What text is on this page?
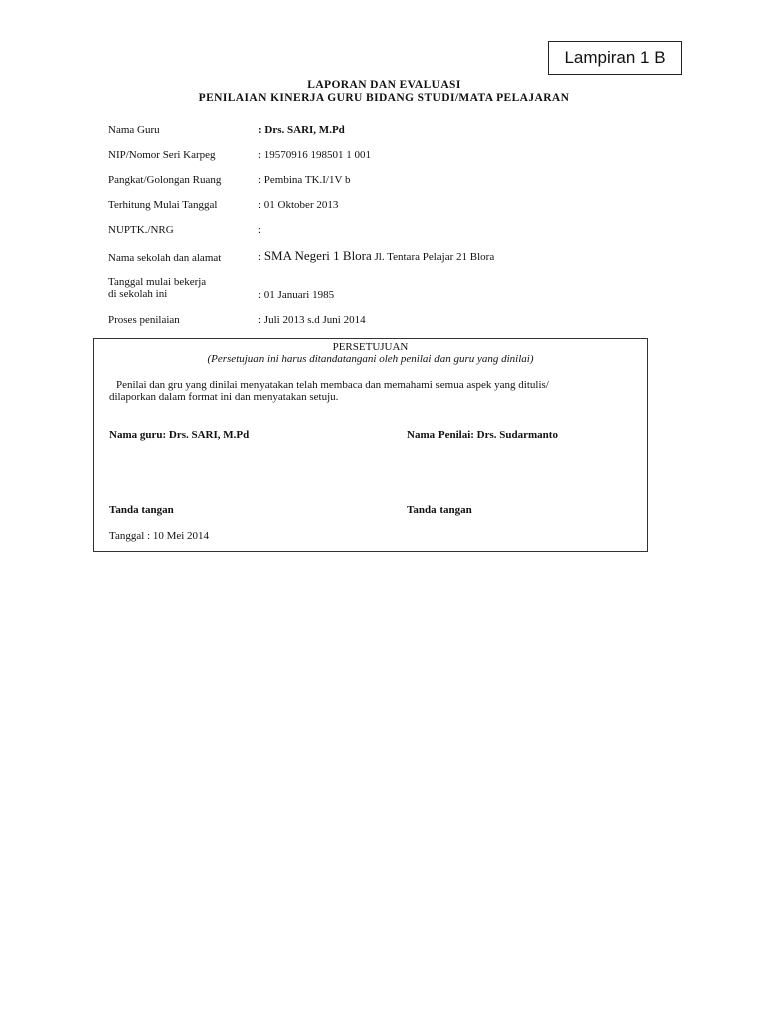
Lampiran 1 B
LAPORAN DAN EVALUASI
PENILAIAN KINERJA GURU BIDANG STUDI/MATA PELAJARAN
Nama Guru	: Drs. SARI, M.Pd
NIP/Nomor Seri Karpeg	: 19570916 198501 1 001
Pangkat/Golongan Ruang	: Pembina TK.I/1V b
Terhitung Mulai Tanggal	: 01 Oktober 2013
NUPTK./NRG	:
Nama sekolah dan alamat	: SMA Negeri 1 Blora Jl. Tentara Pelajar 21 Blora
Tanggal mulai bekerja
di sekolah ini	: 01 Januari 1985
Proses penilaian	: Juli 2013 s.d Juni 2014
PERSETUJUAN
(Persetujuan ini harus ditandatangani oleh penilai dan guru yang dinilai)
Penilai dan gru yang dinilai menyatakan telah membaca dan memahami semua aspek yang ditulis/
dilaporkan dalam format ini dan menyatakan setuju.
Nama guru: Drs. SARI, M.Pd	Nama Penilai: Drs. Sudarmanto
Tanda tangan	Tanda tangan
Tanggal : 10 Mei 2014
